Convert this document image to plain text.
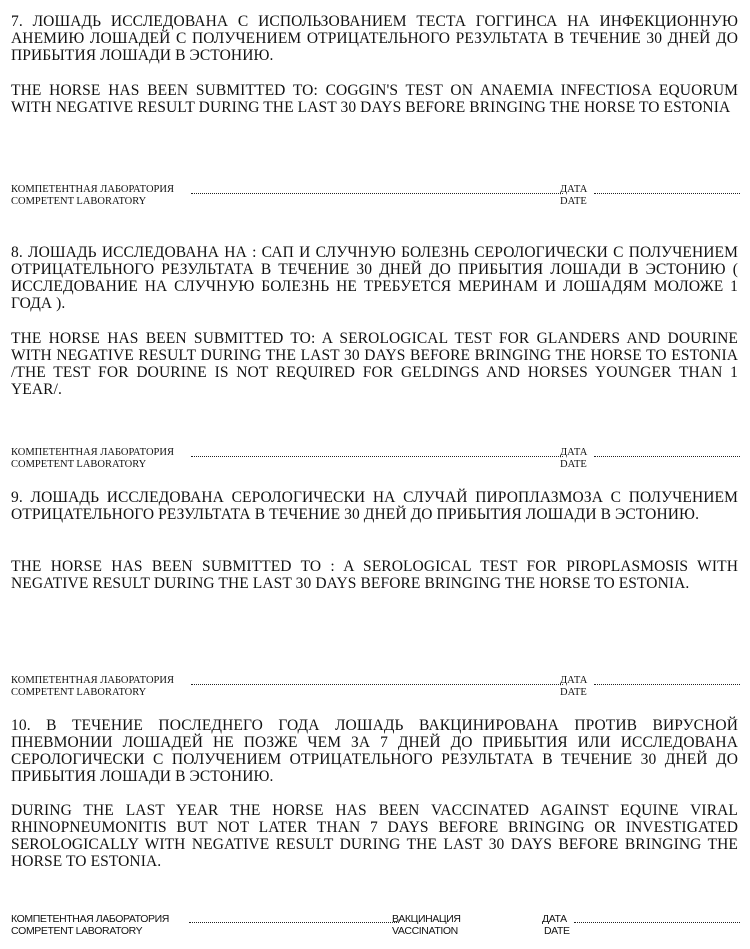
7. ЛОШАДЬ ИССЛЕДОВАНА С ИСПОЛЬЗОВАНИЕМ ТЕСТА ГОГГИНСА НА ИНФЕКЦИОННУЮ АНЕМИЮ ЛОШАДЕЙ С ПОЛУЧЕНИЕМ ОТРИЦАТЕЛЬНОГО РЕЗУЛЬТАТА В ТЕЧЕНИЕ 30 ДНЕЙ ДО ПРИБЫТИЯ ЛОШАДИ В ЭСТОНИЮ.
THE HORSE HAS BEEN SUBMITTED TO: COGGIN'S TEST ON ANAEMIA INFECTIOSA EQUORUM WITH NEGATIVE RESULT DURING THE LAST 30 DAYS BEFORE BRINGING THE HORSE TO ESTONIA
КОМПЕТЕНТНАЯ ЛАБОРАТОРИЯ	ДАТА
COMPETENT LABORATORY	DATE
8. ЛОШАДЬ ИССЛЕДОВАНА НА : САП И СЛУЧНУЮ БОЛЕЗНЬ СЕРОЛОГИЧЕСКИ С ПОЛУЧЕНИЕМ ОТРИЦАТЕЛЬНОГО РЕЗУЛЬТАТА В ТЕЧЕНИЕ 30 ДНЕЙ ДО ПРИБЫТИЯ ЛОШАДИ В ЭСТОНИЮ ( ИССЛЕДОВАНИЕ НА СЛУЧНУЮ БОЛЕЗНЬ НЕ ТРЕБУЕТСЯ МЕРИНАМ И ЛОШАДЯМ МОЛОЖЕ 1 ГОДА ).
THE HORSE HAS BEEN SUBMITTED TO: A SEROLOGICAL TEST FOR GLANDERS AND DOURINE WITH NEGATIVE RESULT DURING THE LAST 30 DAYS BEFORE BRINGING THE HORSE TO ESTONIA /THE TEST FOR DOURINE IS NOT REQUIRED FOR GELDINGS AND HORSES YOUNGER THAN 1 YEAR/.
КОМПЕТЕНТНАЯ ЛАБОРАТОРИЯ	ДАТА
COMPETENT LABORATORY	DATE
9. ЛОШАДЬ ИССЛЕДОВАНА СЕРОЛОГИЧЕСКИ НА СЛУЧАЙ ПИРОПЛАЗМОЗА С ПОЛУЧЕНИЕМ ОТРИЦАТЕЛЬНОГО РЕЗУЛЬТАТА В ТЕЧЕНИЕ 30 ДНЕЙ ДО ПРИБЫТИЯ ЛОШАДИ В ЭСТОНИЮ.
THE HORSE HAS BEEN SUBMITTED TO : A SEROLOGICAL TEST FOR PIROPLASMOSIS WITH NEGATIVE RESULT DURING THE LAST 30 DAYS BEFORE BRINGING THE HORSE TO ESTONIA.
КОМПЕТЕНТНАЯ ЛАБОРАТОРИЯ	ДАТА
COMPETENT LABORATORY	DATE
10. В ТЕЧЕНИЕ ПОСЛЕДНЕГО ГОДА ЛОШАДЬ ВАКЦИНИРОВАНА ПРОТИВ ВИРУСНОЙ ПНЕВМОНИИ ЛОШАДЕЙ НЕ ПОЗЖЕ ЧЕМ ЗА 7 ДНЕЙ ДО ПРИБЫТИЯ ИЛИ ИССЛЕДОВАНА СЕРОЛОГИЧЕСКИ С ПОЛУЧЕНИЕМ ОТРИЦАТЕЛЬНОГО РЕЗУЛЬТАТА В ТЕЧЕНИЕ 30 ДНЕЙ ДО ПРИБЫТИЯ ЛОШАДИ В ЭСТОНИЮ.
DURING THE LAST YEAR THE HORSE HAS BEEN VACCINATED AGAINST EQUINE VIRAL RHINOPNEUMONITIS BUT NOT LATER THAN 7 DAYS BEFORE BRINGING OR INVESTIGATED SEROLOGICALLY WITH NEGATIVE RESULT DURING THE LAST 30 DAYS BEFORE BRINGING THE HORSE TO ESTONIA.
КОМПЕТЕНТНАЯ ЛАБОРАТОРИЯ	ВАКЦИНАЦИЯ	ДАТА
COMPETENT LABORATORY	VACCINATION	DATE
